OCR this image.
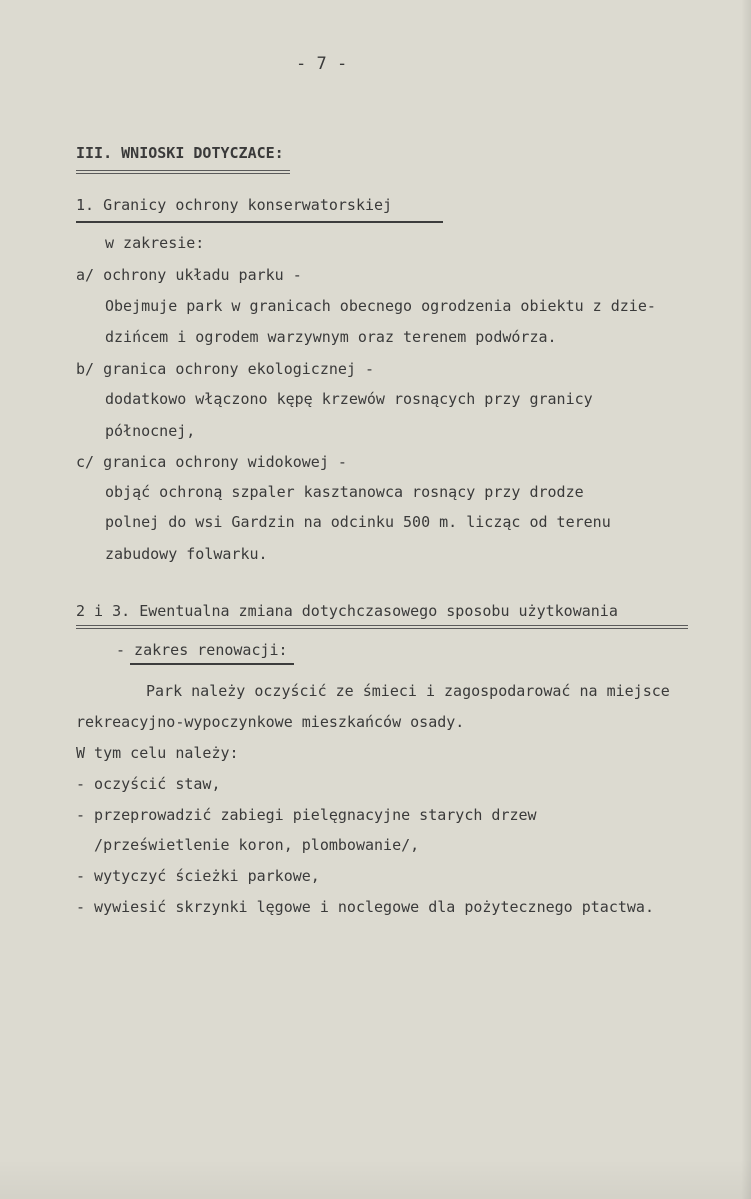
- 7 -
III. WNIOSKI DOTYCZACE:
1. Granicy ochrony konserwatorskiej
w zakresie:
a/ ochrony układu parku -
Obejmuje park w granicach obecnego ogrodzenia obiektu z dzie-
dzińcem i ogrodem warzywnym oraz terenem podwórza.
b/ granica ochrony ekologicznej -
dodatkowo włączono kępę krzewów rosnących przy granicy
północnej,
c/ granica ochrony widokowej -
objąć ochroną szpaler kasztanowca rosnący przy drodze
polnej do wsi Gardzin na odcinku 500 m. licząc od terenu
zabudowy folwarku.
2 i 3. Ewentualna zmiana dotychczasowego sposobu użytkowania
- zakres renowacji:
Park należy oczyścić ze śmieci i zagospodarować na miejsce
rekreacyjno-wypoczynkowe mieszkańców osady.
W tym celu należy:
- oczyścić staw,
- przeprowadzić zabiegi pielęgnacyjne starych drzew
/prześwietlenie koron, plombowanie/,
- wytyczyć ścieżki parkowe,
- wywiesić skrzynki lęgowe i noclegowe dla pożytecznego ptactwa.
